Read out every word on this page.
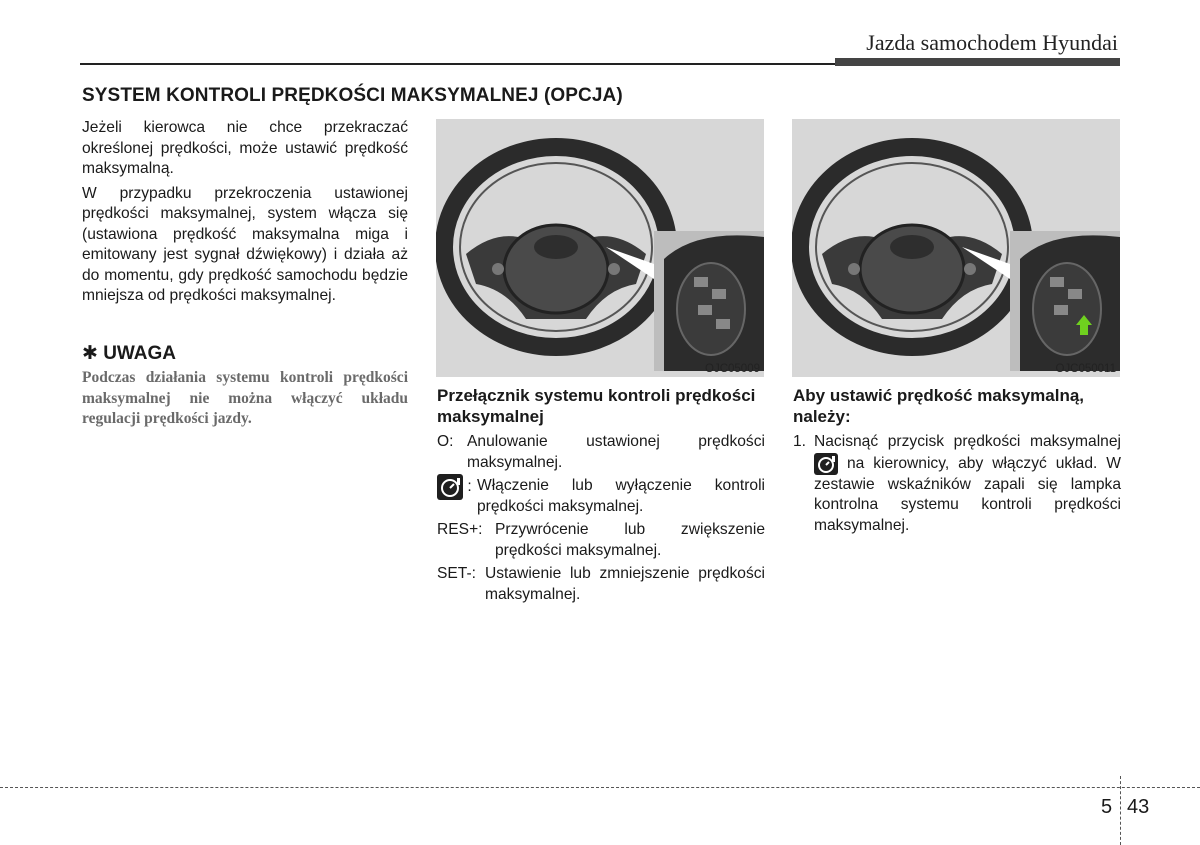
Jazda samochodem Hyundai
SYSTEM KONTROLI PRĘDKOŚCI MAKSYMALNEJ (OPCJA)

Jeżeli kierowca nie chce przekraczać określonej prędkości, może ustawić prędkość maksymalną.

W przypadku przekroczenia ustawionej prędkości maksymalnej, system włącza się (ustawiona prędkość maksymalna miga i emitowany jest sygnał dźwiękowy) i działa aż do momentu, gdy prędkość samochodu będzie mniejsza od prędkości maksymalnej.

✱ UWAGA
Podczas działania systemu kontroli prędkości maksymalnej nie można włączyć układu regulacji prędkości jazdy.
OJC05009	OJC050011
Przełącznik systemu kontroli prędkości maksymalnej
O: Anulowanie ustawionej prędkości maksymalnej.
: Włączenie lub wyłączenie kontroli prędkości maksymalnej.
RES+: Przywrócenie lub zwiększenie prędkości maksymalnej.
SET-: Ustawienie lub zmniejszenie prędkości maksymalnej.
Aby ustawić prędkość maksymalną, należy:
1. Nacisnąć przycisk prędkości maksymalnej  na kierownicy, aby włączyć układ. W zestawie wskaźników zapali się lampka kontrolna systemu kontroli prędkości maksymalnej.
5 43
